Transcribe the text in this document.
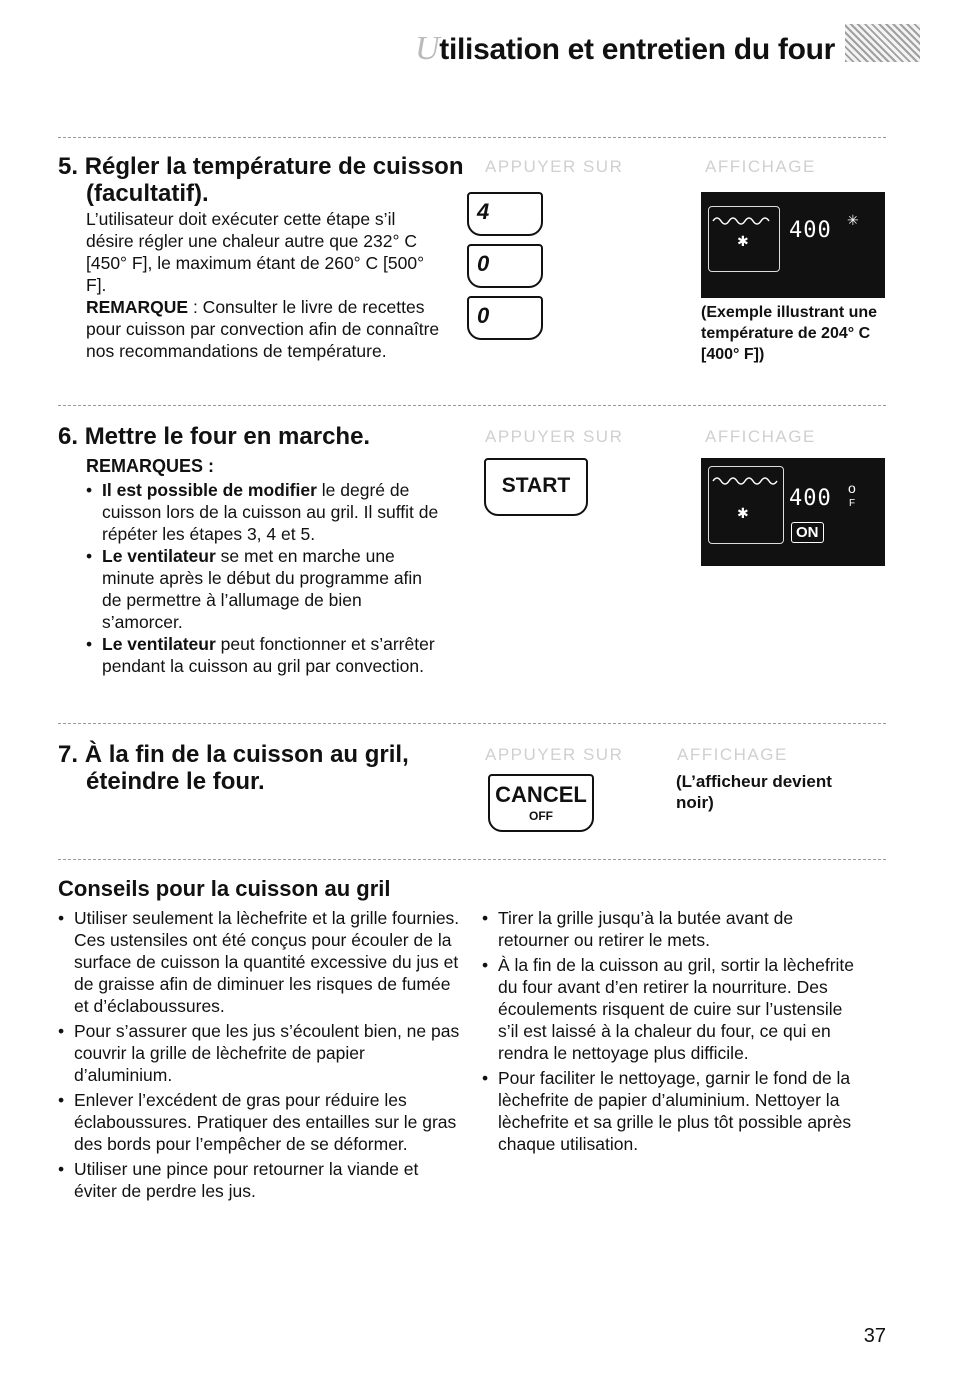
Utilisation et entretien du four
5. Régler la température de cuisson
(facultatif).
L’utilisateur doit exécuter cette étape s’il désire régler une chaleur autre que 232° C [450° F], le maximum étant de 260° C [500° F].
REMARQUE : Consulter le livre de recettes pour cuisson par convection afin de connaître nos recommandations de température.
APPUYER SUR	AFFICHAGE
4
0
0
✱ 400 ✳
(Exemple illustrant une température de 204° C [400° F])
6. Mettre le four en marche.
REMARQUES :
• Il est possible de modifier le degré de cuisson lors de la cuisson au gril. Il suffit de répéter les étapes 3, 4 et 5.
• Le ventilateur se met en marche une minute après le début du programme afin de permettre à l’allumage de bien s’amorcer.
• Le ventilateur peut fonctionner et s’arrêter pendant la cuisson au gril par convection.
APPUYER SUR	AFFICHAGE
START
✱
400 o
F
ON
7. À la fin de la cuisson au gril,
éteindre le four.
APPUYER SUR	AFFICHAGE
CANCEL
OFF
(L’afficheur devient noir)
Conseils pour la cuisson au gril

• Utiliser seulement la lèchefrite et la grille fournies. Ces ustensiles ont été conçus pour écouler de la surface de cuisson la quantité excessive du jus et de graisse afin de diminuer les risques de fumée et d’éclaboussures.

• Pour s’assurer que les jus s’écoulent bien, ne pas couvrir la grille de lèchefrite de papier d’aluminium.

• Enlever l’excédent de gras pour réduire les éclaboussures. Pratiquer des entailles sur le gras des bords pour l’empêcher de se déformer.

• Utiliser une pince pour retourner la viande et éviter de perdre les jus.

• Tirer la grille jusqu’à la butée avant de retourner ou retirer le mets.

• À la fin de la cuisson au gril, sortir la lèchefrite du four avant d’en retirer la nourriture. Des écoulements risquent de cuire sur l’ustensile s’il est laissé à la chaleur du four, ce qui en rendra le nettoyage plus difficile.

• Pour faciliter le nettoyage, garnir le fond de la lèchefrite de papier d’aluminium. Nettoyer la lèchefrite et sa grille le plus tôt possible après chaque utilisation.

37
